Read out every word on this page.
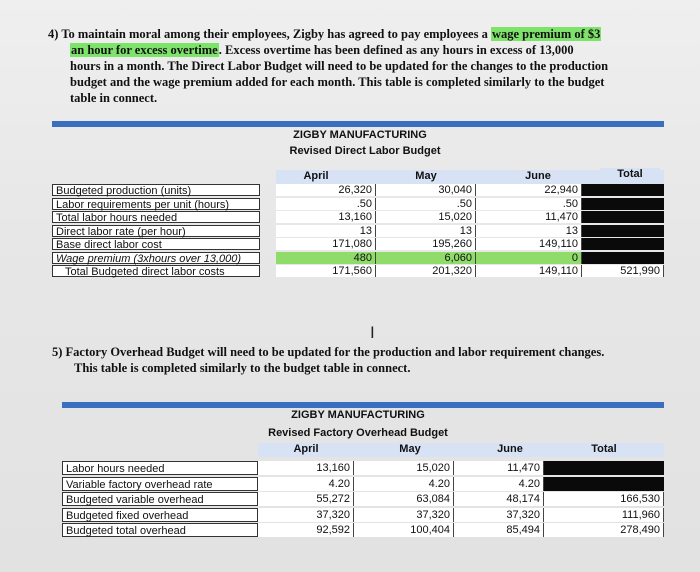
4) To maintain moral among their employees, Zigby has agreed to pay employees a wage premium of $3
an hour for excess overtime. Excess overtime has been defined as any hours in excess of 13,000
hours in a month. The Direct Labor Budget will need to be updated for the changes to the production
budget and the wage premium added for each month. This table is completed similarly to the budget
table in connect.
ZIGBY MANUFACTURING
Revised Direct Labor Budget
April	May	June	Total
Budgeted production (units)	26,320	30,040	22,940
Labor requirements per unit (hours)	.50	.50	.50
Total labor hours needed	13,160	15,020	11,470
Direct labor rate (per hour)	13	13	13
Base direct labor cost	171,080	195,260	149,110
Wage premium (3xhours over 13,000)	480	6,060	0
Total Budgeted direct labor costs	171,560	201,320	149,110	521,990
I
5) Factory Overhead Budget will need to be updated for the production and labor requirement changes.
This table is completed similarly to the budget table in connect.
ZIGBY MANUFACTURING
Revised Factory Overhead Budget
April	May	June	Total
Labor hours needed	13,160	15,020	11,470
Variable factory overhead rate	4.20	4.20	4.20
Budgeted variable overhead	55,272	63,084	48,174	166,530
Budgeted fixed overhead	37,320	37,320	37,320	111,960
Budgeted total overhead	92,592	100,404	85,494	278,490
